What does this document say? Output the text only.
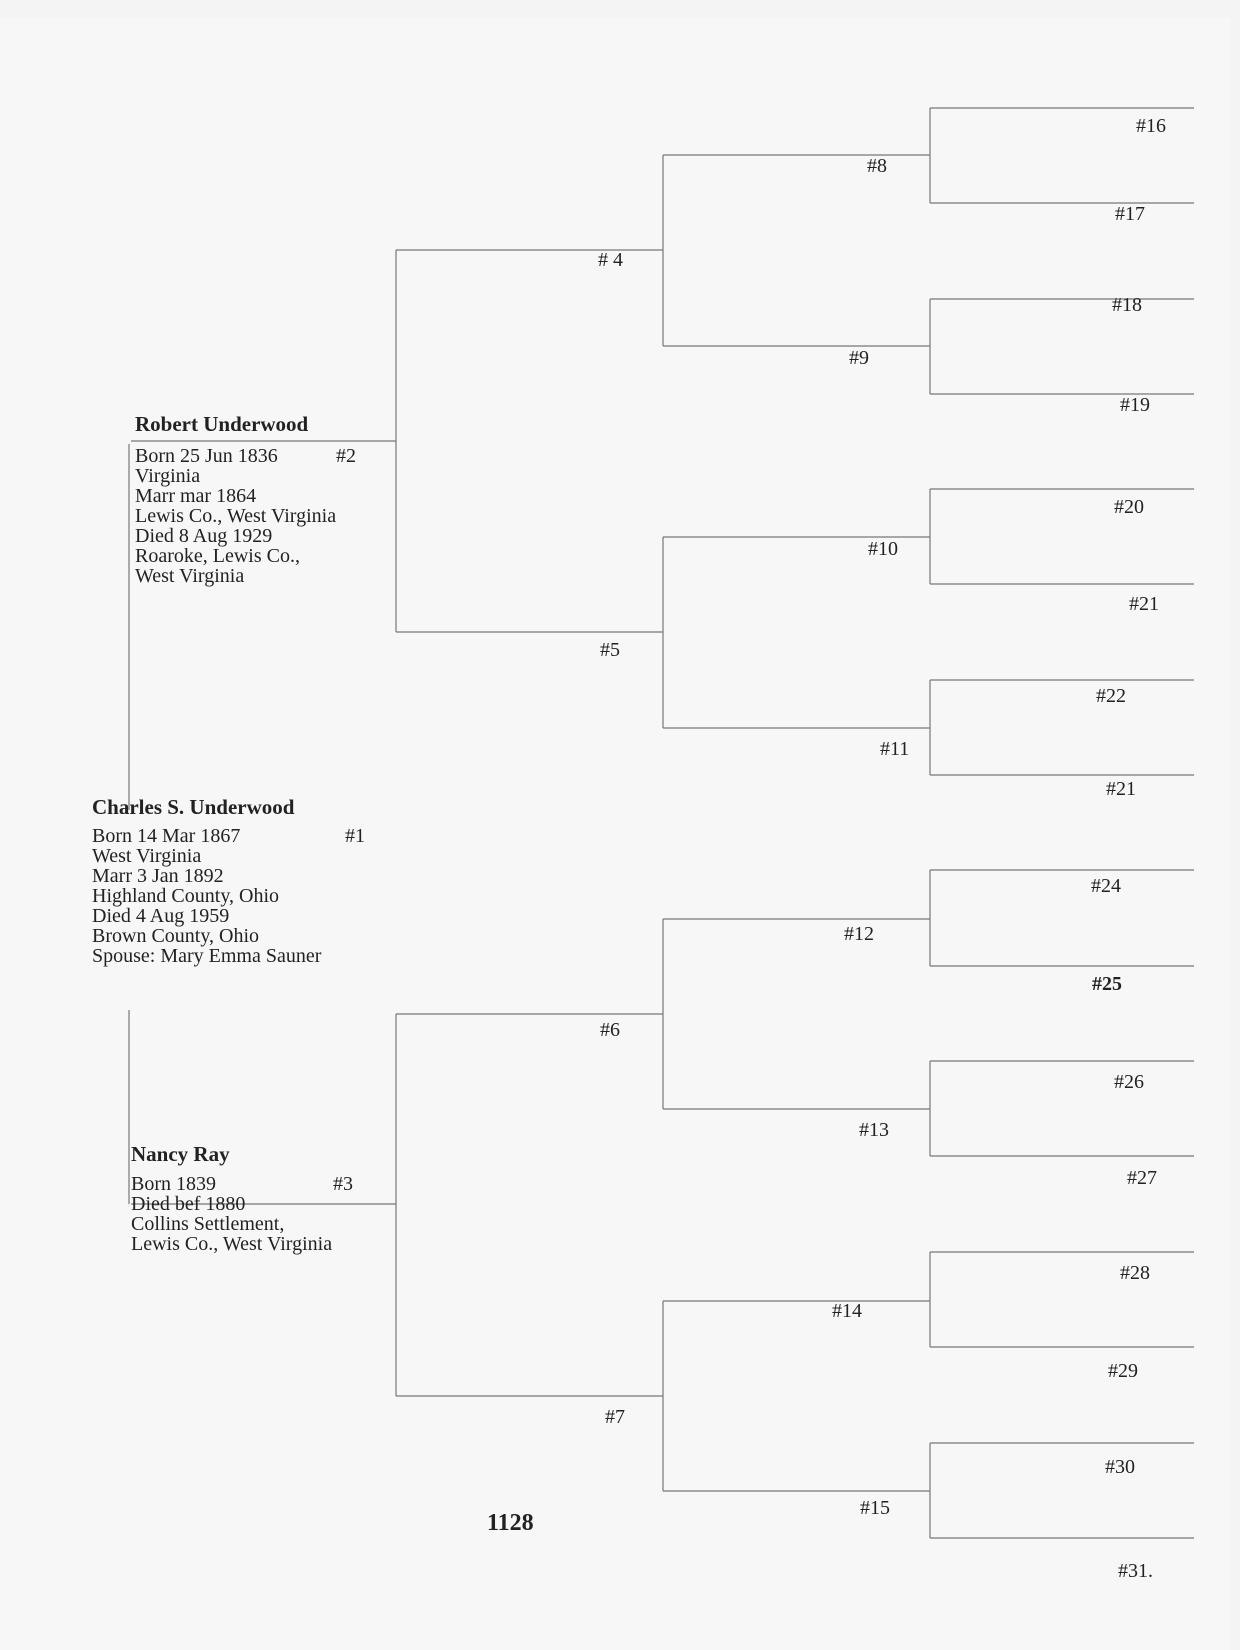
Robert Underwood
#2
Born 25 Jun 1836
Virginia
Marr mar 1864
Lewis Co., West Virginia
Died 8 Aug 1929
Roaroke, Lewis Co.,
West Virginia
Charles S. Underwood
#1
Born 14 Mar 1867
West Virginia
Marr 3 Jan 1892
Highland County, Ohio
Died 4 Aug 1959
Brown County, Ohio
Spouse: Mary Emma Sauner
Nancy Ray
#3
Born 1839
Died bef 1880
Collins Settlement,
Lewis Co., West Virginia
# 4
#5
#6
#7
#8
#9
#10
#11
#12
#13
#14
#15
#16
#17
#18
#19
#20
#21
#22
#21
#24
#25
#26
#27
#28
#29
#30
#31.
1128
